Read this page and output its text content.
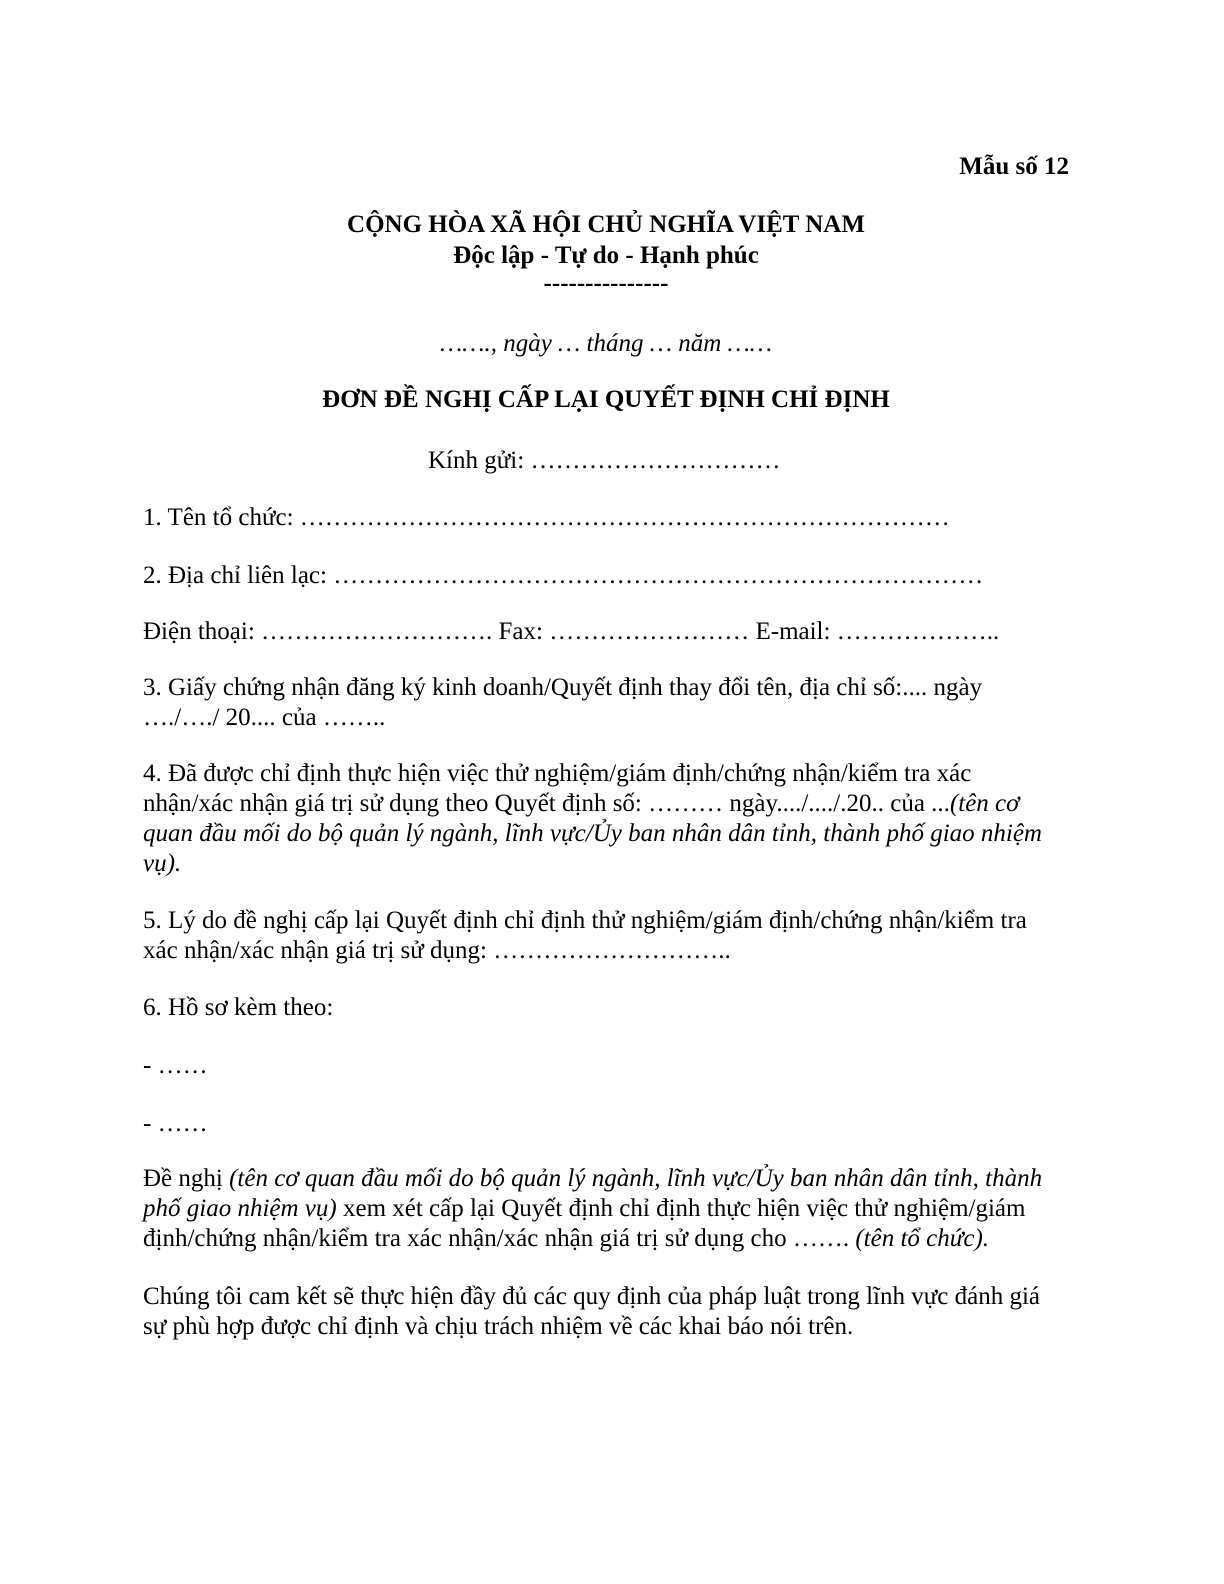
Mẫu số 12
CỘNG HÒA XÃ HỘI CHỦ NGHĨA VIỆT NAM
Độc lập - Tự do - Hạnh phúc
---------------
……., ngày … tháng … năm ……
ĐƠN ĐỀ NGHỊ CẤP LẠI QUYẾT ĐỊNH CHỈ ĐỊNH
Kính gửi: …………………………
1. Tên tổ chức: ……………………………………………………………………
2. Địa chỉ liên lạc: ……………………………………………………………………
Điện thoại: ………………………. Fax: …………………… E-mail: ………………..
3. Giấy chứng nhận đăng ký kinh doanh/Quyết định thay đổi tên, địa chỉ số:.... ngày
…./…./ 20.... của ……..
4. Đã được chỉ định thực hiện việc thử nghiệm/giám định/chứng nhận/kiểm tra xác
nhận/xác nhận giá trị sử dụng theo Quyết định số: ……… ngày..../..../.20.. của ...(tên cơ
quan đầu mối do bộ quản lý ngành, lĩnh vực/Ủy ban nhân dân tỉnh, thành phố giao nhiệm
vụ).
5. Lý do đề nghị cấp lại Quyết định chỉ định thử nghiệm/giám định/chứng nhận/kiểm tra
xác nhận/xác nhận giá trị sử dụng: ………………………..
6. Hồ sơ kèm theo:
- ……
- ……
Đề nghị (tên cơ quan đầu mối do bộ quản lý ngành, lĩnh vực/Ủy ban nhân dân tỉnh, thành
phố giao nhiệm vụ) xem xét cấp lại Quyết định chỉ định thực hiện việc thử nghiệm/giám
định/chứng nhận/kiểm tra xác nhận/xác nhận giá trị sử dụng cho ……. (tên tổ chức).
Chúng tôi cam kết sẽ thực hiện đầy đủ các quy định của pháp luật trong lĩnh vực đánh giá
sự phù hợp được chỉ định và chịu trách nhiệm về các khai báo nói trên.
